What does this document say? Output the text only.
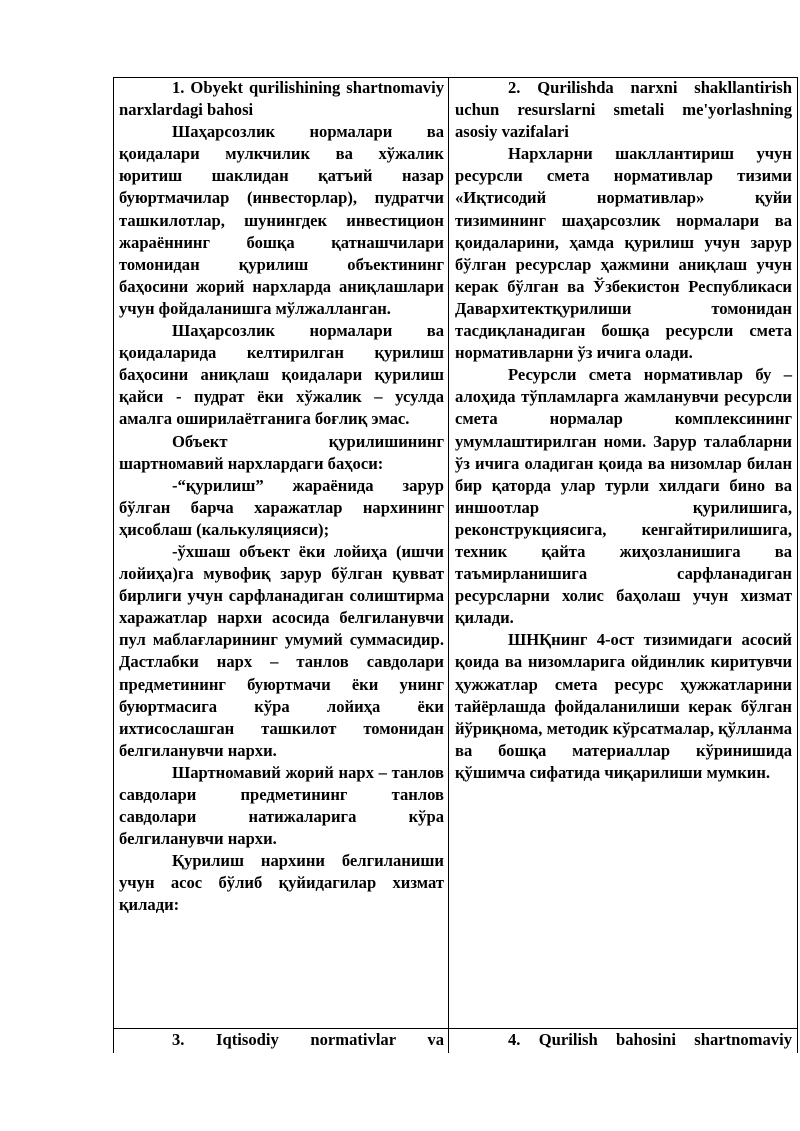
1. Obyekt qurilishining shartnomaviy narxlardagi bahosi

Шаҳарсозлик нормалари ва қоидалари мулкчилик ва хўжалик юритиш шаклидан қатъий назар буюртмачилар (инвесторлар), пудратчи ташкилотлар, шунингдек инвестицион жараённинг бошқа қатнашчилари томонидан қурилиш объектининг баҳосини жорий нархларда аниқлашлари учун фойдаланишга мўлжалланган.

Шаҳарсозлик нормалари ва қоидаларида келтирилган қурилиш баҳосини аниқлаш қоидалари қурилиш қайси - пудрат ёки хўжалик – усулда амалга оширилаётганига боғлиқ эмас.

Объект қурилишининг шартномавий нархлардаги баҳоси:

-“қурилиш” жараёнида зарур бўлган барча харажатлар нархининг ҳисоблаш (калькуляцияси);

-ўхшаш объект ёки лойиҳа (ишчи лойиҳа)га мувофиқ зарур бўлган қувват бирлиги учун сарфланадиган солиштирма харажатлар нархи асосида белгиланувчи пул маблағларининг умумий суммасидир. Дастлабки нарх – танлов савдолари предметининг буюртмачи ёки унинг буюртмасига кўра лойиҳа ёки ихтисослашган ташкилот томонидан белгиланувчи нархи.

Шартномавий жорий нарх – танлов савдолари предметининг танлов савдолари натижаларига кўра белгиланувчи нархи.

Қурилиш нархини белгиланиши учун асос бўлиб қуйидагилар хизмат қилади:

2. Qurilishda narxni shakllantirish uchun resurslarni smetali me'yorlashning asosiy vazifalari

Нархларни шакллантириш учун ресурсли смета нормативлар тизими «Иқтисодий нормативлар» қуйи тизимининг шаҳарсозлик нормалари ва қоидаларини, ҳамда қурилиш учун зарур бўлган ресурслар ҳажмини аниқлаш учун керак бўлган ва Ўзбекистон Республикаси Давархитектқурилиши томонидан тасдиқланадиган бошқа ресурсли смета нормативларни ўз ичига олади.

Ресурсли смета нормативлар бу – алоҳида тўпламларга жамланувчи ресурсли смета нормалар комплексининг умумлаштирилган номи. Зарур талабларни ўз ичига оладиган қоида ва низомлар билан бир қаторда улар турли хилдаги бино ва иншоотлар қурилишига, реконструкциясига, кенгайтирилишига, техник қайта жиҳозланишига ва таъмирланишига сарфланадиган ресурсларни холис баҳолаш учун хизмат қилади.

ШНҚнинг 4-ост тизимидаги асосий қоида ва низомларига ойдинлик киритувчи ҳужжатлар смета ресурс ҳужжатларини тайёрлашда фойдаланилиши керак бўлган йўриқнома, методик кўрсатмалар, қўлланма ва бошқа материаллар кўринишида қўшимча сифатида чиқарилиши мумкин.

3. Iqtisodiy normativlar va	4. Qurilish bahosini shartnomaviy
